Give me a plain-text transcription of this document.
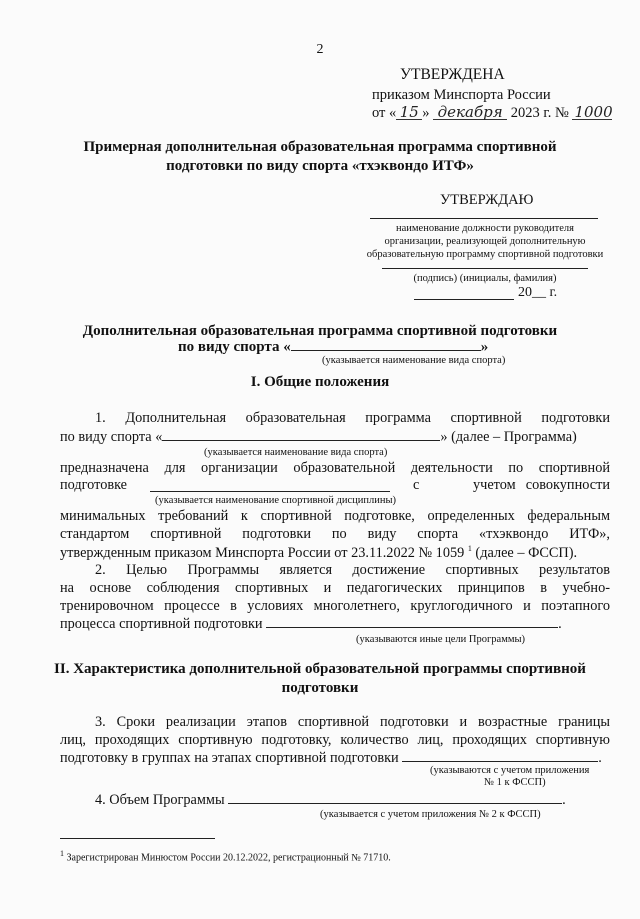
2
УТВЕРЖДЕНА
приказом Минспорта России
от « 15 » декабря 2023 г. № 1000
Примерная дополнительная образовательная программа спортивной
подготовки по виду спорта «тхэквондо ИТФ»
УТВЕРЖДАЮ
наименование должности руководителя
организации, реализующей дополнительную
образовательную программу спортивной подготовки
(подпись) (инициалы, фамилия)
20__ г.
Дополнительная образовательная программа спортивной подготовки
по виду спорта «	»
(указывается наименование вида спорта)
I. Общие положения
1. Дополнительная образовательная программа спортивной подготовки
по виду спорта «	» (далее – Программа)
(указывается наименование вида спорта)
предназначена для организации образовательной деятельности по спортивной
подготовке	с	учетом совокупности
(указывается наименование спортивной дисциплины)
минимальных требований к спортивной подготовке, определенных федеральным
стандартом спортивной подготовки по виду спорта «тхэквондо ИТФ»,
утвержденным приказом Минспорта России от 23.11.2022 № 1059 $^1$ (далее – ФССП).
2. Целью Программы является достижение спортивных результатов
на основе соблюдения спортивных и педагогических принципов в учебно-
тренировочном процессе в условиях многолетнего, круглогодичного и поэтапного
процесса спортивной подготовки	.
(указываются иные цели Программы)
II. Характеристика дополнительной образовательной программы спортивной
подготовки
3. Сроки реализации этапов спортивной подготовки и возрастные границы
лиц, проходящих спортивную подготовку, количество лиц, проходящих спортивную
подготовку в группах на этапах спортивной подготовки	.
(указываются с учетом приложения
№ 1 к ФССП)
4. Объем Программы	.
(указывается с учетом приложения № 2 к ФССП)
$^1$ Зарегистрирован Минюстом России 20.12.2022, регистрационный № 71710.
